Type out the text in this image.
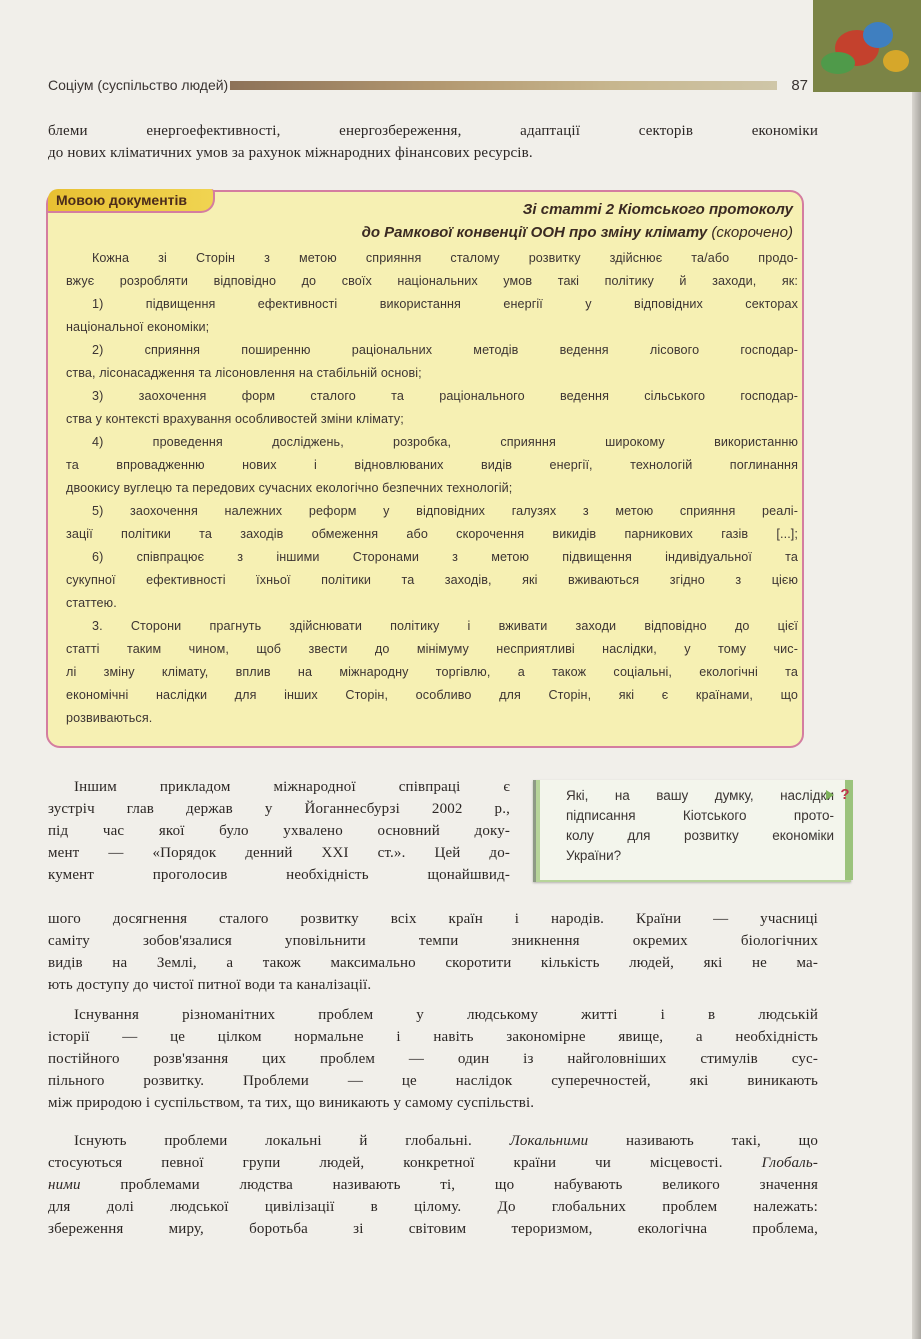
Соціум (суспільство людей)	87
блеми енергоефективності, енергозбереження, адаптації секторів економіки
до нових кліматичних умов за рахунок міжнародних фінансових ресурсів.
Мовою документів
Зі статті 2 Кіотського протоколу
до Рамкової конвенції ООН про зміну клімату (скорочено)
Кожна зі Сторін з метою сприяння сталому розвитку здійснює та/або продо-
вжує розробляти відповідно до своїх національних умов такі політику й заходи, як:
1) підвищення ефективності використання енергії у відповідних секторах
національної економіки;
2) сприяння поширенню раціональних методів ведення лісового господар-
ства, лісонасадження та лісоновлення на стабільній основі;
3) заохочення форм сталого та раціонального ведення сільського господар-
ства у контексті врахування особливостей зміни клімату;
4) проведення досліджень, розробка, сприяння широкому використанню
та впровадженню нових і відновлюваних видів енергії, технологій поглинання
двоокису вуглецю та передових сучасних екологічно безпечних технологій;
5) заохочення належних реформ у відповідних галузях з метою сприяння реалі-
зації політики та заходів обмеження або скорочення викидів парникових газів [...];
6) співпрацює з іншими Сторонами з метою підвищення індивідуальної та
сукупної ефективності їхньої політики та заходів, які вживаються згідно з цією
статтею.
3. Сторони прагнуть здійснювати політику і вживати заходи відповідно до цієї
статті таким чином, щоб звести до мінімуму несприятливі наслідки, у тому чис-
лі зміну клімату, вплив на міжнародну торгівлю, а також соціальні, екологічні та
економічні наслідки для інших Сторін, особливо для Сторін, які є країнами, що
розвиваються.
Які, на вашу думку, наслідки
підписання Кіотського прото-
колу для розвитку економіки
України?
?
Іншим прикладом міжнародної співпраці є
зустріч глав держав у Йоганнесбурзі 2002 р.,
під час якої було ухвалено основний доку-
мент — «Порядок денний XXI ст.». Цей до-
кумент проголосив необхідність щонайшвид-
шого досягнення сталого розвитку всіх країн і народів. Країни — учасниці
саміту зобов'язалися уповільнити темпи зникнення окремих біологічних
видів на Землі, а також максимально скоротити кількість людей, які не ма-
ють доступу до чистої питної води та каналізації.
Існування різноманітних проблем у людському житті і в людській
історії — це цілком нормальне і навіть закономірне явище, а необхідність
постійного розв'язання цих проблем — один із найголовніших стимулів сус-
пільного розвитку. Проблеми — це наслідок суперечностей, які виникають
між природою і суспільством, та тих, що виникають у самому суспільстві.
Існують проблеми локальні й глобальні. Локальними називають такі, що
стосуються певної групи людей, конкретної країни чи місцевості. Глобаль-
ними проблемами людства називають ті, що набувають великого значення
для долі людської цивілізації в цілому. До глобальних проблем належать:
збереження миру, боротьба зі світовим тероризмом, екологічна проблема,
